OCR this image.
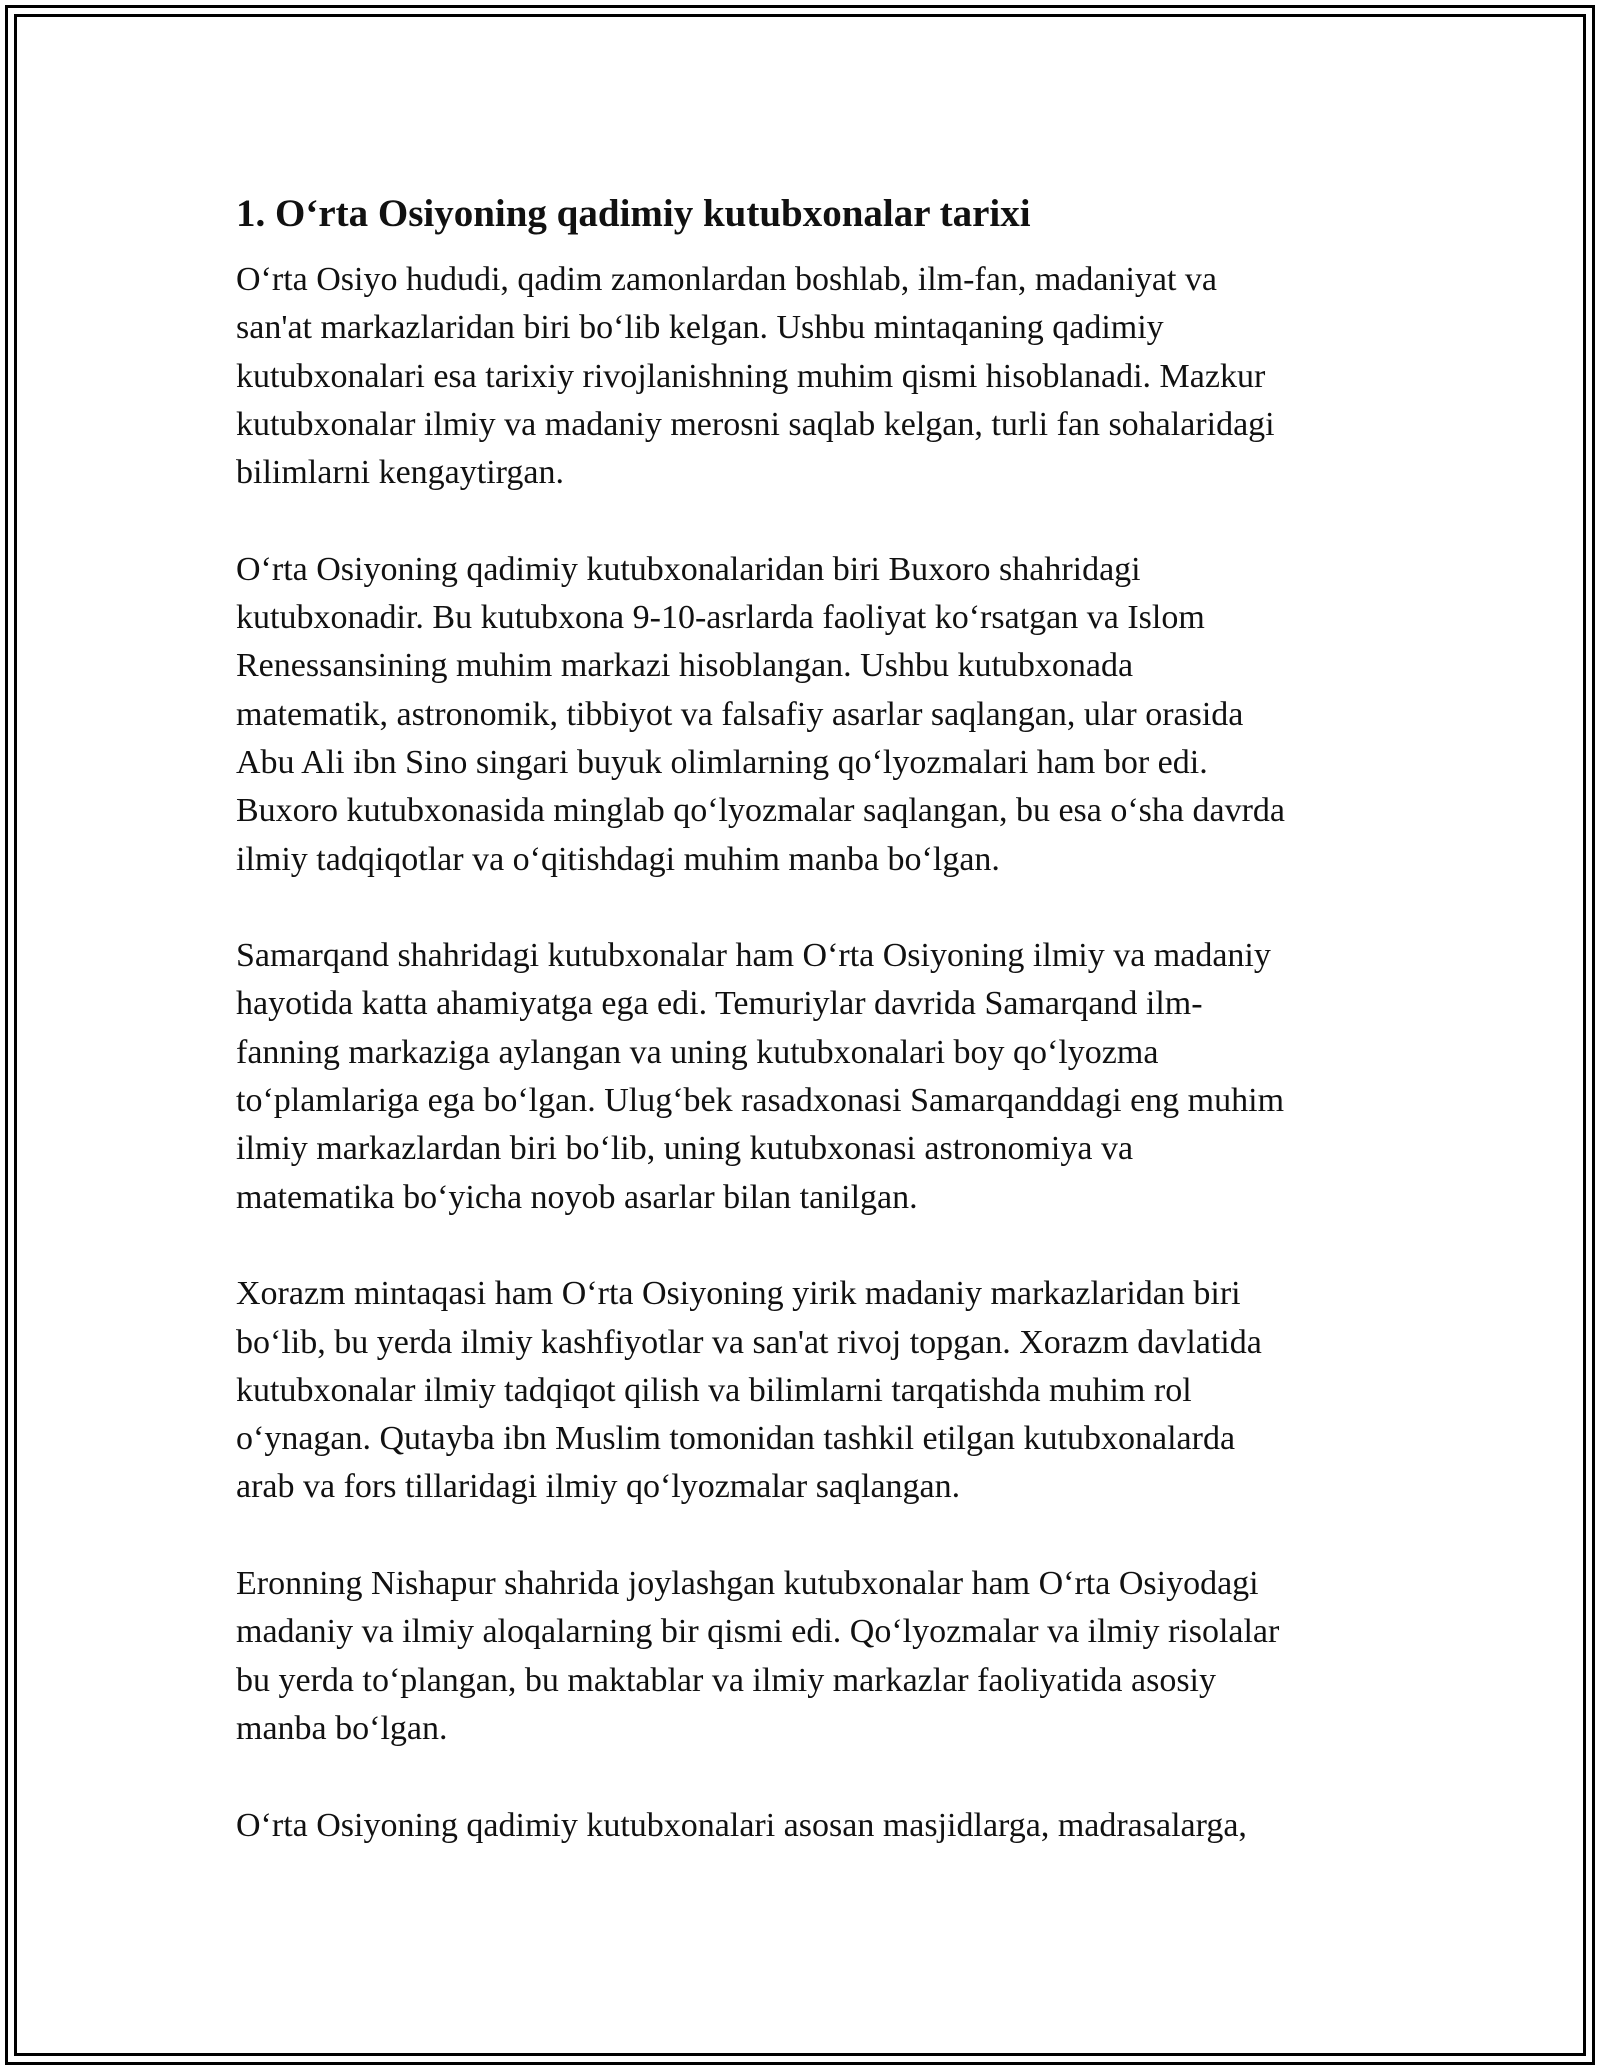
1. O‘rta Osiyoning qadimiy kutubxonalar tarixi

O‘rta Osiyo hududi, qadim zamonlardan boshlab, ilm-fan, madaniyat va
san'at markazlaridan biri bo‘lib kelgan. Ushbu mintaqaning qadimiy
kutubxonalari esa tarixiy rivojlanishning muhim qismi hisoblanadi. Mazkur
kutubxonalar ilmiy va madaniy merosni saqlab kelgan, turli fan sohalaridagi
bilimlarni kengaytirgan.

O‘rta Osiyoning qadimiy kutubxonalaridan biri Buxoro shahridagi
kutubxonadir. Bu kutubxona 9-10-asrlarda faoliyat ko‘rsatgan va Islom
Renessansining muhim markazi hisoblangan. Ushbu kutubxonada
matematik, astronomik, tibbiyot va falsafiy asarlar saqlangan, ular orasida
Abu Ali ibn Sino singari buyuk olimlarning qo‘lyozmalari ham bor edi.
Buxoro kutubxonasida minglab qo‘lyozmalar saqlangan, bu esa o‘sha davrda
ilmiy tadqiqotlar va o‘qitishdagi muhim manba bo‘lgan.

Samarqand shahridagi kutubxonalar ham O‘rta Osiyoning ilmiy va madaniy
hayotida katta ahamiyatga ega edi. Temuriylar davrida Samarqand ilm-
fanning markaziga aylangan va uning kutubxonalari boy qo‘lyozma
to‘plamlariga ega bo‘lgan. Ulug‘bek rasadxonasi Samarqanddagi eng muhim
ilmiy markazlardan biri bo‘lib, uning kutubxonasi astronomiya va
matematika bo‘yicha noyob asarlar bilan tanilgan.

Xorazm mintaqasi ham O‘rta Osiyoning yirik madaniy markazlaridan biri
bo‘lib, bu yerda ilmiy kashfiyotlar va san'at rivoj topgan. Xorazm davlatida
kutubxonalar ilmiy tadqiqot qilish va bilimlarni tarqatishda muhim rol
o‘ynagan. Qutayba ibn Muslim tomonidan tashkil etilgan kutubxonalarda
arab va fors tillaridagi ilmiy qo‘lyozmalar saqlangan.

Eronning Nishapur shahrida joylashgan kutubxonalar ham O‘rta Osiyodagi
madaniy va ilmiy aloqalarning bir qismi edi. Qo‘lyozmalar va ilmiy risolalar
bu yerda to‘plangan, bu maktablar va ilmiy markazlar faoliyatida asosiy
manba bo‘lgan.

O‘rta Osiyoning qadimiy kutubxonalari asosan masjidlarga, madrasalarga,
